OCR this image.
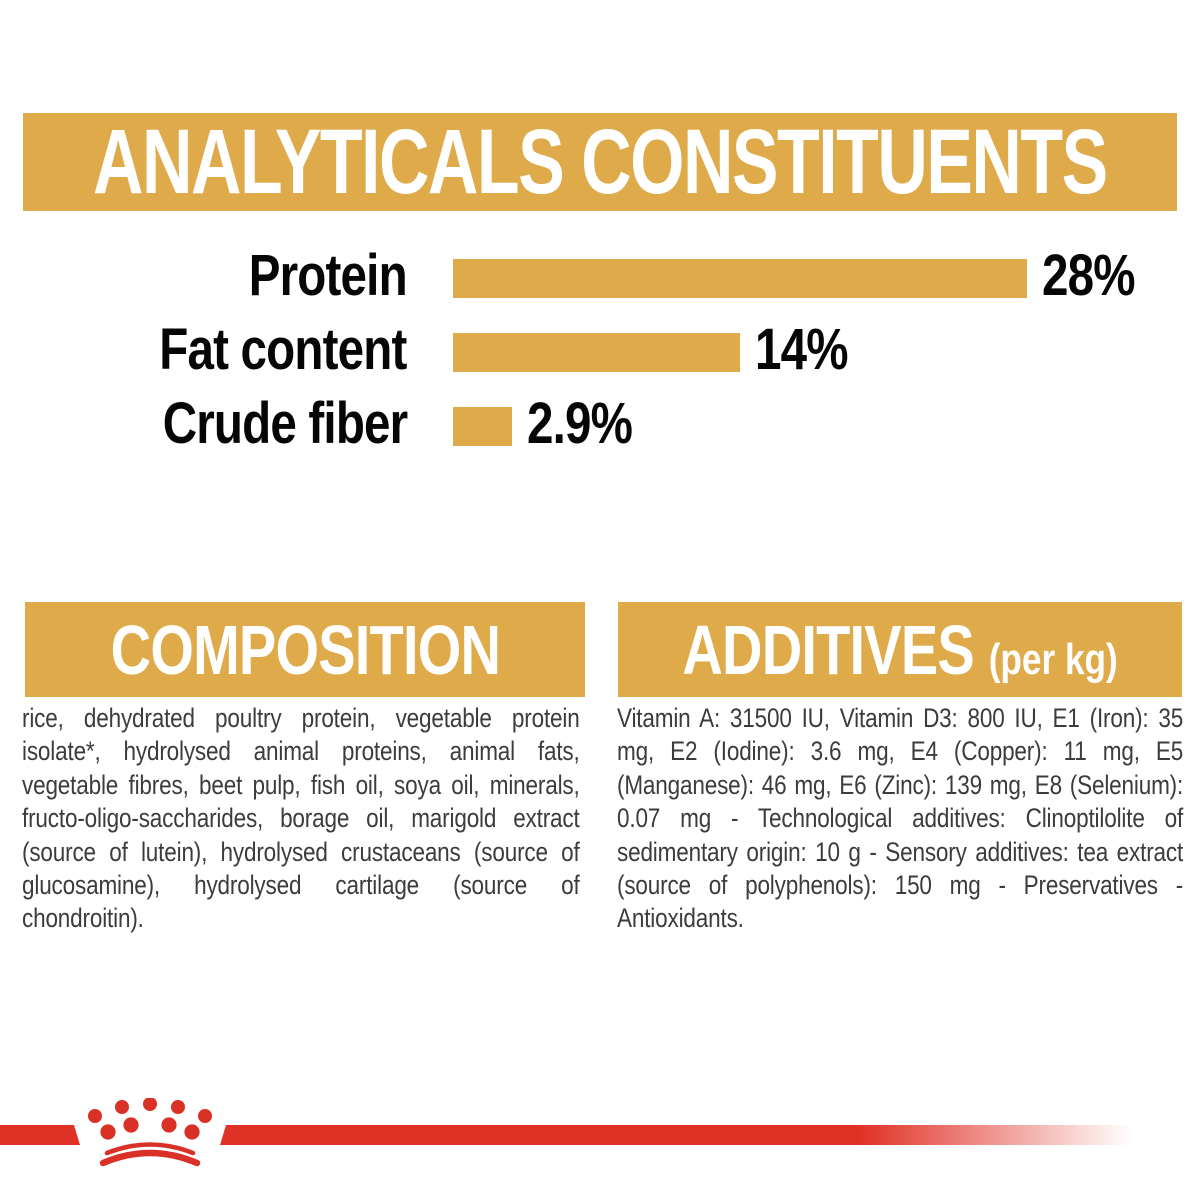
ANALYTICALS CONSTITUENTS
Protein	28%
Fat content	14%
Crude fiber 2.9%
COMPOSITION

rice, dehydrated poultry protein, vegetable protein isolate*, hydrolysed animal proteins, animal fats, vegetable fibres, beet pulp, fish oil, soya oil, minerals, fructo-oligo-saccharides, borage oil, marigold extract (source of lutein), hydrolysed crustaceans (source of glucosamine), hydrolysed cartilage (source of chondroitin).

ADDITIVES (per kg)

Vitamin A: 31500 IU, Vitamin D3: 800 IU, E1 (Iron): 35 mg, E2 (Iodine): 3.6 mg, E4 (Copper): 11 mg, E5 (Manganese): 46 mg, E6 (Zinc): 139 mg, E8 (Selenium): 0.07 mg - Technological additives: Clinoptilolite of sedimentary origin: 10 g - Sensory additives: tea extract (source of polyphenols): 150 mg - Preservatives - Antioxidants.
